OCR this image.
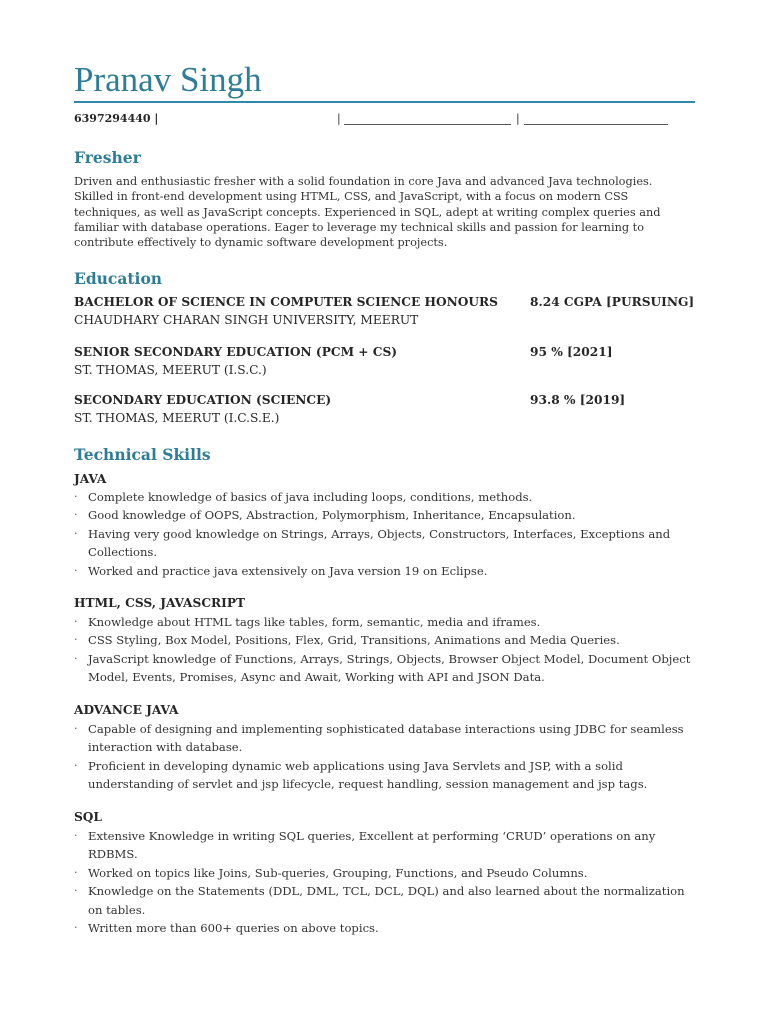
Pranav Singh
6397294440 |	|	|
Fresher
Driven and enthusiastic fresher with a solid foundation in core Java and advanced Java technologies. Skilled in front-end development using HTML, CSS, and JavaScript, with a focus on modern CSS techniques, as well as JavaScript concepts. Experienced in SQL, adept at writing complex queries and familiar with database operations. Eager to leverage my technical skills and passion for learning to contribute effectively to dynamic software development projects.
Education
BACHELOR OF SCIENCE IN COMPUTER SCIENCE HONOURS	8.24 CGPA [PURSUING]
CHAUDHARY CHARAN SINGH UNIVERSITY, MEERUT
SENIOR SECONDARY EDUCATION (PCM + CS)	95 % [2021]
ST. THOMAS, MEERUT (I.S.C.)
SECONDARY EDUCATION (SCIENCE)	93.8 % [2019]
ST. THOMAS, MEERUT (I.C.S.E.)
Technical Skills
JAVA
· Complete knowledge of basics of java including loops, conditions, methods.
· Good knowledge of OOPS, Abstraction, Polymorphism, Inheritance, Encapsulation.
· Having very good knowledge on Strings, Arrays, Objects, Constructors, Interfaces, Exceptions and Collections.
· Worked and practice java extensively on Java version 19 on Eclipse.
HTML, CSS, JAVASCRIPT
· Knowledge about HTML tags like tables, form, semantic, media and iframes.
· CSS Styling, Box Model, Positions, Flex, Grid, Transitions, Animations and Media Queries.
· JavaScript knowledge of Functions, Arrays, Strings, Objects, Browser Object Model, Document Object Model, Events, Promises, Async and Await, Working with API and JSON Data.
ADVANCE JAVA
· Capable of designing and implementing sophisticated database interactions using JDBC for seamless interaction with database.
· Proficient in developing dynamic web applications using Java Servlets and JSP, with a solid understanding of servlet and jsp lifecycle, request handling, session management and jsp tags.
SQL
· Extensive Knowledge in writing SQL queries, Excellent at performing ‘CRUD’ operations on any RDBMS.
· Worked on topics like Joins, Sub-queries, Grouping, Functions, and Pseudo Columns.
· Knowledge on the Statements (DDL, DML, TCL, DCL, DQL) and also learned about the normalization on tables.
· Written more than 600+ queries on above topics.
